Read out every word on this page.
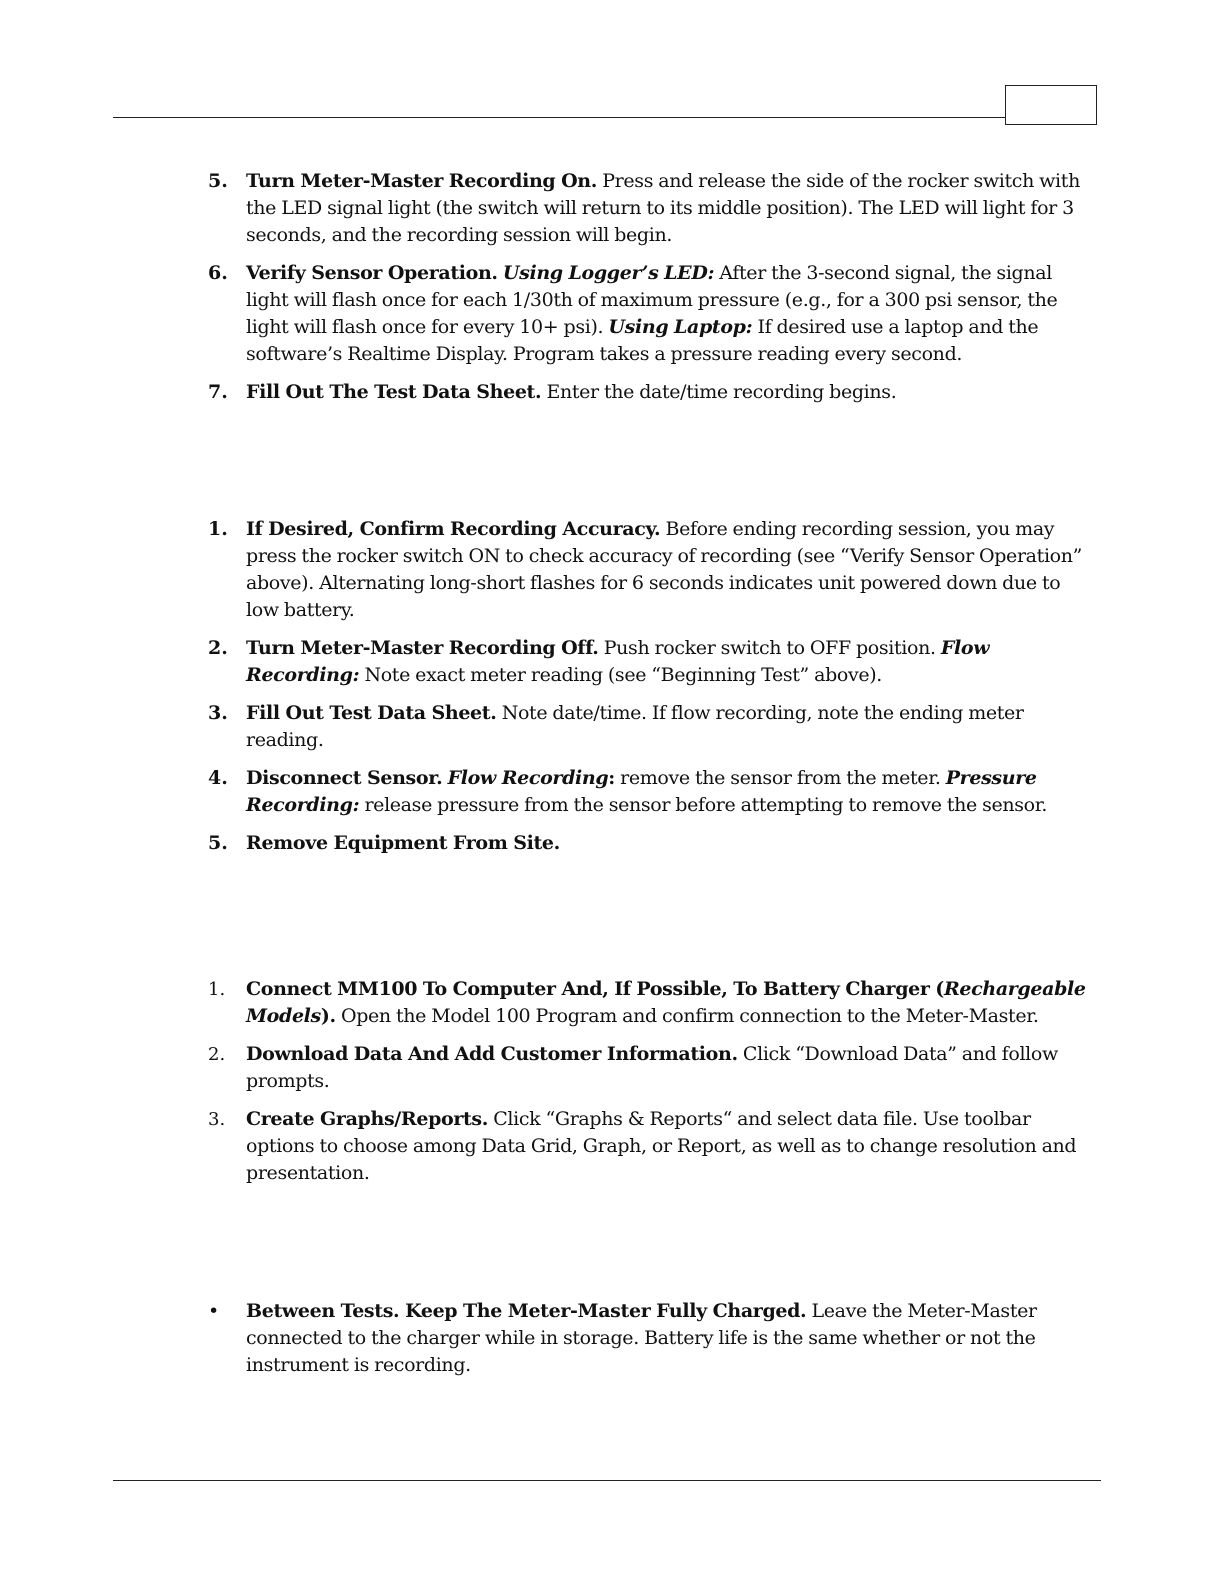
5. Turn Meter-Master Recording On. Press and release the side of the rocker switch with the LED signal light (the switch will return to its middle position). The LED will light for 3 seconds, and the recording session will begin.
6. Verify Sensor Operation. Using Logger’s LED: After the 3-second signal, the signal light will flash once for each 1/30th of maximum pressure (e.g., for a 300 psi sensor, the light will flash once for every 10+ psi). Using Laptop: If desired use a laptop and the software’s Realtime Display. Program takes a pressure reading every second.
7. Fill Out The Test Data Sheet. Enter the date/time recording begins.
1. If Desired, Confirm Recording Accuracy. Before ending recording session, you may press the rocker switch ON to check accuracy of recording (see “Verify Sensor Operation” above). Alternating long-short flashes for 6 seconds indicates unit powered down due to low battery.
2. Turn Meter-Master Recording Off. Push rocker switch to OFF position. Flow Recording: Note exact meter reading (see “Beginning Test” above).
3. Fill Out Test Data Sheet. Note date/time. If flow recording, note the ending meter reading.
4. Disconnect Sensor. Flow Recording: remove the sensor from the meter. Pressure Recording: release pressure from the sensor before attempting to remove the sensor.
5. Remove Equipment From Site.
1. Connect MM100 To Computer And, If Possible, To Battery Charger (Rechargeable Models). Open the Model 100 Program and confirm connection to the Meter-Master.
2. Download Data And Add Customer Information. Click “Download Data” and follow prompts.
3. Create Graphs/Reports. Click “Graphs & Reports“ and select data file. Use toolbar options to choose among Data Grid, Graph, or Report, as well as to change resolution and presentation.
• Between Tests. Keep The Meter-Master Fully Charged. Leave the Meter-Master connected to the charger while in storage. Battery life is the same whether or not the instrument is recording.
